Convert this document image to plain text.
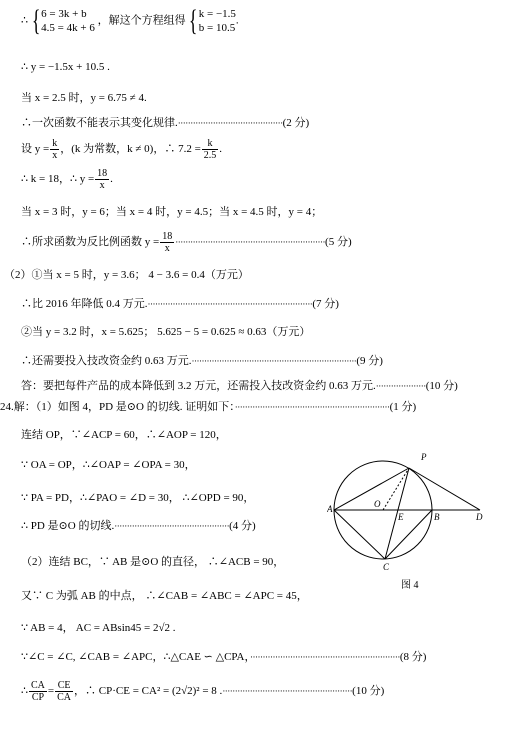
∴ { 6 = 3k + b
4.5 = 4k + 6
，解这个方程组得 { k = −1.5
b = 10.5
.
∴ y = −1.5x + 10.5 .
当 x = 2.5 时，y = 6.75 ≠ 4.
∴一次函数不能表示其变化规律.··········································(2 分)
设 $y = \frac{k}{x}$ ，(k 为常数，k ≠ 0)，∴ $7.2 = \frac{k}{2.5}$ .
∴ k = 18，∴ $y = \frac{18}{x}$ .
当 x = 3 时，y = 6；当 x = 4 时，y = 4.5；当 x = 4.5 时，y = 4；
∴所求函数为反比例函数 $y = \frac{18}{x} \cdot\cdot\cdot\cdot\cdot\cdot\cdot\cdot\cdot\cdot\cdot\cdot\cdot\cdot\cdot\cdot\cdot\cdot\cdot\cdot\cdot\cdot\cdot\cdot\cdot\cdot\cdot\cdot\cdot\cdot\cdot\cdot\cdot\cdot\cdot\cdot\cdot\cdot\cdot\cdot\cdot\cdot\cdot\cdot\cdot\cdot\cdot\cdot\cdot\cdot\cdot\cdot\cdot\cdot\cdot\cdot\cdot\cdot\cdot\cdot(5$ 分)
（2）①当 x = 5 时，y = 3.6； 4 − 3.6 = 0.4（万元）
∴比 2016 年降低 0.4 万元.··································································(7 分)
②当 y = 3.2 时，x = 5.625； 5.625 − 5 = 0.625 ≈ 0.63（万元）
∴还需要投入技改资金约 0.63 万元.··································································(9 分)
答：要把每件产品的成本降低到 3.2 万元，还需投入技改资金约 0.63 万元.····················(10 分)
24.解：（1）如图 4，PD 是⊙O 的切线. 证明如下：······························································(1 分)
连结 OP，∵∠ACP = 60，∴∠AOP = 120，
∵ OA = OP，∴∠OAP = ∠OPA = 30，
∵ PA = PD，∴∠PAO = ∠D = 30， ∴∠OPD = 90，
∴ PD 是⊙O 的切线.··············································(4 分)
（2）连结 BC，∵ AB 是⊙O 的直径， ∴∠ACB = 90，
又∵ C 为弧 AB 的中点， ∴∠CAB = ∠ABC = ∠APC = 45，
∵ AB = 4， AC = ABsin45 = 2√2 .
∵∠C = ∠C, ∠CAB = ∠APC，∴△CAE ∽ △CPA，····························································(8 分)
∴ $\frac{CA}{CP} = \frac{CE}{CA}$ ，∴ CP·CE = CA² = (2√2)² = 8 .····················································(10 分)
P
A	O
E	B	D
C
图 4
